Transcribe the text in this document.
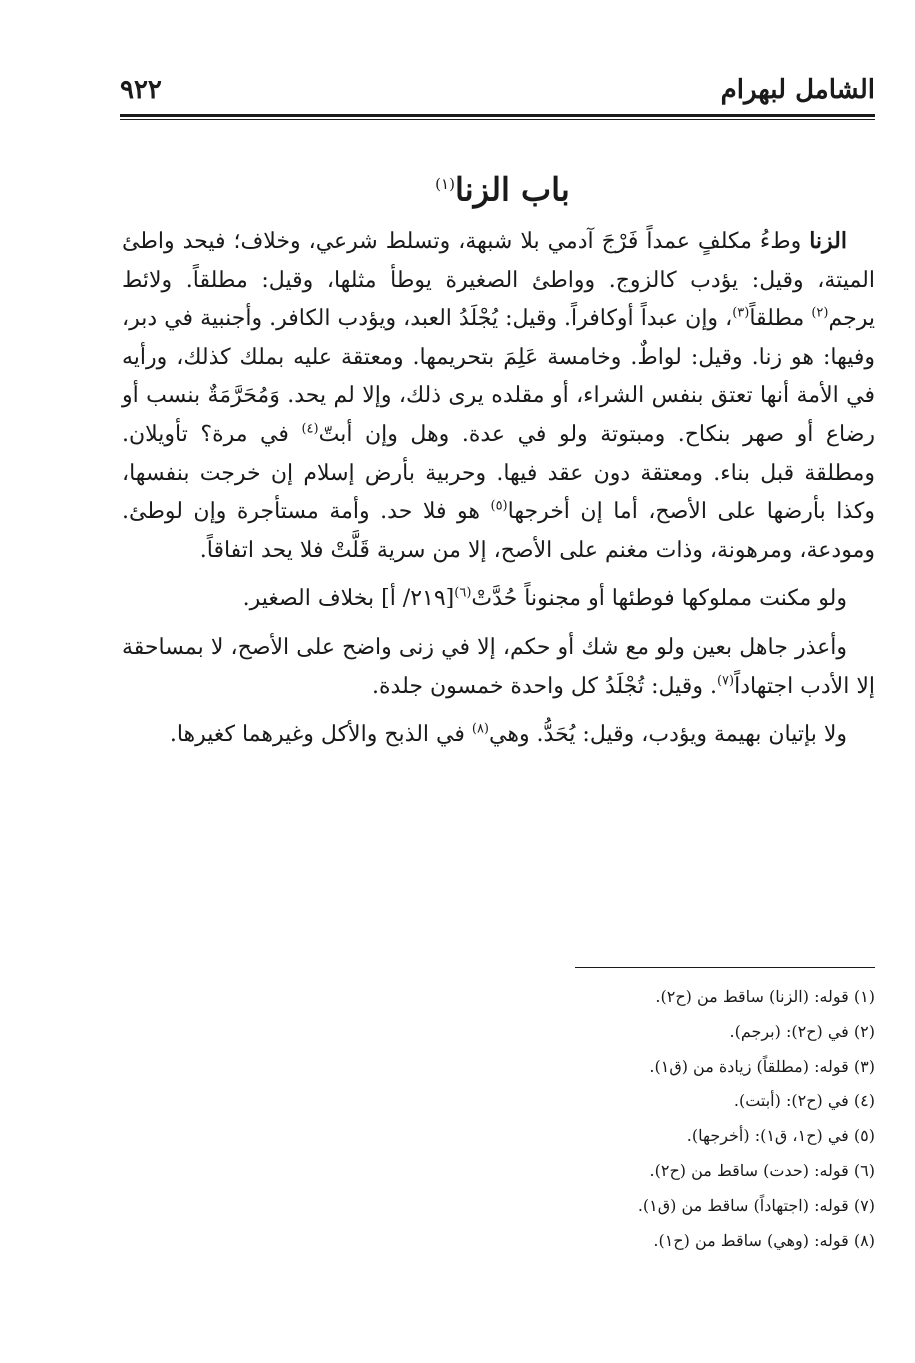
الشامل لبهرام
٩٢٢
باب الزنا$^{(١)}$

الزنا وطءُ مكلفٍ عمداً فَرْجَ آدمي بلا شبهة، وتسلط شرعي، وخلاف؛ فيحد واطئ الميتة، وقيل: يؤدب كالزوج. وواطئ الصغيرة يوطأ مثلها، وقيل: مطلقاً. ولائط يرجم$^{(٢)}$ مطلقاً$^{(٣)}$، وإن عبداً أوكافراً. وقيل: يُجْلَدُ العبد، ويؤدب الكافر. وأجنبية في دبر، وفيها: هو زنا. وقيل: لواطٌ. وخامسة عَلِمَ بتحريمها. ومعتقة عليه بملك كذلك، ورأيه في الأمة أنها تعتق بنفس الشراء، أو مقلده يرى ذلك، وإلا لم يحد. وَمُحَرَّمَةٌ بنسب أو رضاع أو صهر بنكاح. ومبتوتة ولو في عدة. وهل وإن أبتّ$^{(٤)}$ في مرة؟ تأويلان. ومطلقة قبل بناء. ومعتقة دون عقد فيها. وحربية بأرض إسلام إن خرجت بنفسها، وكذا بأرضها على الأصح، أما إن أخرجها$^{(٥)}$ هو فلا حد. وأمة مستأجرة وإن لوطئ. ومودعة، ومرهونة، وذات مغنم على الأصح، إلا من سرية قَلَّتْ فلا يحد اتفاقاً.

ولو مكنت مملوكها فوطئها أو مجنوناً حُدَّتْ$^{(٦)}$[٢١٩/ أ] بخلاف الصغير.

وأعذر جاهل بعين ولو مع شك أو حكم، إلا في زنى واضح على الأصح، لا بمساحقة إلا الأدب اجتهاداً$^{(٧)}$. وقيل: تُجْلَدُ كل واحدة خمسون جلدة.

ولا بإتيان بهيمة ويؤدب، وقيل: يُحَدُّ. وهي$^{(٨)}$ في الذبح والأكل وغيرهما كغيرها.

(١) قوله: (الزنا) ساقط من (ح٢).
(٢) في (ح٢): (برجم).
(٣) قوله: (مطلقاً) زيادة من (ق١).
(٤) في (ح٢): (أبتت).
(٥) في (ح١، ق١): (أخرجها).
(٦) قوله: (حدت) ساقط من (ح٢).
(٧) قوله: (اجتهاداً) ساقط من (ق١).
(٨) قوله: (وهي) ساقط من (ح١).
